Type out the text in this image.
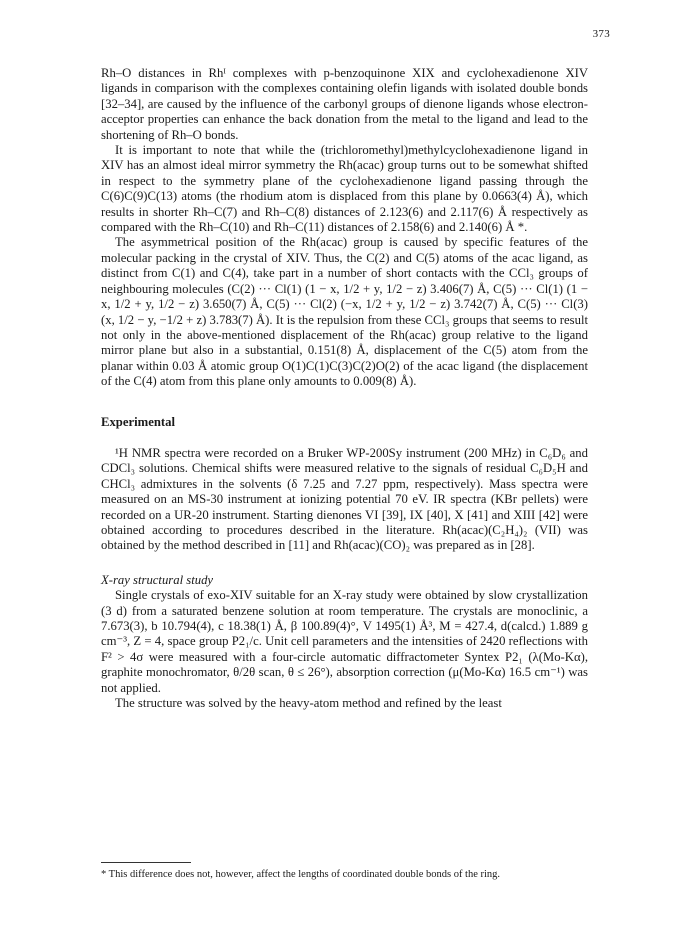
373

Rh–O distances in Rhᴵ complexes with p-benzoquinone XIX and cyclohexadienone XIV ligands in comparison with the complexes containing olefin ligands with isolated double bonds [32–34], are caused by the influence of the carbonyl groups of dienone ligands whose electron-acceptor properties can enhance the back donation from the metal to the ligand and lead to the shortening of Rh–O bonds.

It is important to note that while the (trichloromethyl)methylcyclohexadienone ligand in XIV has an almost ideal mirror symmetry the Rh(acac) group turns out to be somewhat shifted in respect to the symmetry plane of the cyclohexadienone ligand passing through the C(6)C(9)C(13) atoms (the rhodium atom is displaced from this plane by 0.0663(4) Å), which results in shorter Rh–C(7) and Rh–C(8) distances of 2.123(6) and 2.117(6) Å respectively as compared with the Rh–C(10) and Rh–C(11) distances of 2.158(6) and 2.140(6) Å *.

The asymmetrical position of the Rh(acac) group is caused by specific features of the molecular packing in the crystal of XIV. Thus, the C(2) and C(5) atoms of the acac ligand, as distinct from C(1) and C(4), take part in a number of short contacts with the CCl₃ groups of neighbouring molecules (C(2) ··· Cl(1) (1 − x, 1/2 + y, 1/2 − z) 3.406(7) Å, C(5) ··· Cl(1) (1 − x, 1/2 + y, 1/2 − z) 3.650(7) Å, C(5) ··· Cl(2) (−x, 1/2 + y, 1/2 − z) 3.742(7) Å, C(5) ··· Cl(3) (x, 1/2 − y, −1/2 + z) 3.783(7) Å). It is the repulsion from these CCl₃ groups that seems to result not only in the above-mentioned displacement of the Rh(acac) group relative to the ligand mirror plane but also in a substantial, 0.151(8) Å, displacement of the C(5) atom from the planar within 0.03 Å atomic group O(1)C(1)C(3)C(2)O(2) of the acac ligand (the displacement of the C(4) atom from this plane only amounts to 0.009(8) Å).

Experimental

¹H NMR spectra were recorded on a Bruker WP-200Sy instrument (200 MHz) in C₆D₆ and CDCl₃ solutions. Chemical shifts were measured relative to the signals of residual C₆D₅H and CHCl₃ admixtures in the solvents (δ 7.25 and 7.27 ppm, respectively). Mass spectra were measured on an MS-30 instrument at ionizing potential 70 eV. IR spectra (KBr pellets) were recorded on a UR-20 instrument. Starting dienones VI [39], IX [40], X [41] and XIII [42] were obtained according to procedures described in the literature. Rh(acac)(C₂H₄)₂ (VII) was obtained by the method described in [11] and Rh(acac)(CO)₂ was prepared as in [28].

X-ray structural study

Single crystals of exo-XIV suitable for an X-ray study were obtained by slow crystallization (3 d) from a saturated benzene solution at room temperature. The crystals are monoclinic, a 7.673(3), b 10.794(4), c 18.38(1) Å, β 100.89(4)°, V 1495(1) Å³, M = 427.4, d(calcd.) 1.889 g cm⁻³, Z = 4, space group P2₁/c. Unit cell parameters and the intensities of 2420 reflections with F² > 4σ were measured with a four-circle automatic diffractometer Syntex P2₁ (λ(Mo-Kα), graphite monochromator, θ/2θ scan, θ ≤ 26°), absorption correction (μ(Mo-Kα) 16.5 cm⁻¹) was not applied.

The structure was solved by the heavy-atom method and refined by the least

* This difference does not, however, affect the lengths of coordinated double bonds of the ring.
